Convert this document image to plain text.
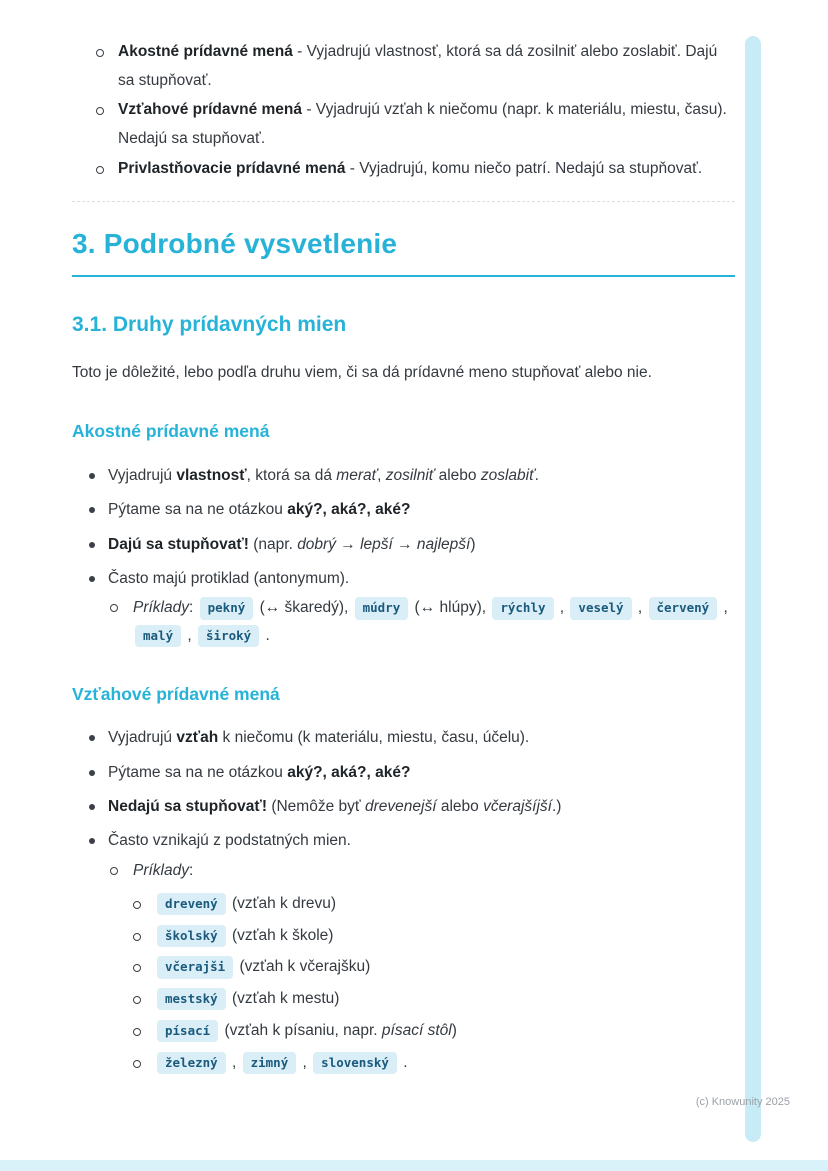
Akostné prídavné mená - Vyjadrujú vlastnosť, ktorá sa dá zosilniť alebo zoslabiť. Dajú sa stupňovať.
Vzťahové prídavné mená - Vyjadrujú vzťah k niečomu (napr. k materiálu, miestu, času). Nedajú sa stupňovať.
Privlastňovacie prídavné mená - Vyjadrujú, komu niečo patrí. Nedajú sa stupňovať.
3. Podrobné vysvetlenie
3.1. Druhy prídavných mien

Toto je dôležité, lebo podľa druhu viem, či sa dá prídavné meno stupňovať alebo nie.

Akostné prídavné mená
Vyjadrujú vlastnosť, ktorá sa dá merať, zosilniť alebo zoslabiť.
Pýtame sa na ne otázkou aký?, aká?, aké?
Dajú sa stupňovať! (napr. dobrý → lepší → najlepší)
Často majú protiklad (antonymum).
Príklady: pekný (↔ škaredý), múdry (↔ hlúpy), rýchly , veselý , červený , malý , široký .
Vzťahové prídavné mená
Vyjadrujú vzťah k niečomu (k materiálu, miestu, času, účelu).
Pýtame sa na ne otázkou aký?, aká?, aké?
Nedajú sa stupňovať! (Nemôže byť drevenejší alebo včerajšíjší.)
Často vznikajú z podstatných mien.
Príklady:
drevený (vzťah k drevu)
školský (vzťah k škole)
včerajši (vzťah k včerajšku)
mestský (vzťah k mestu)
písací (vzťah k písaniu, napr. písací stôl)
železný , zimný , slovenský .
(c) Knowunity 2025
